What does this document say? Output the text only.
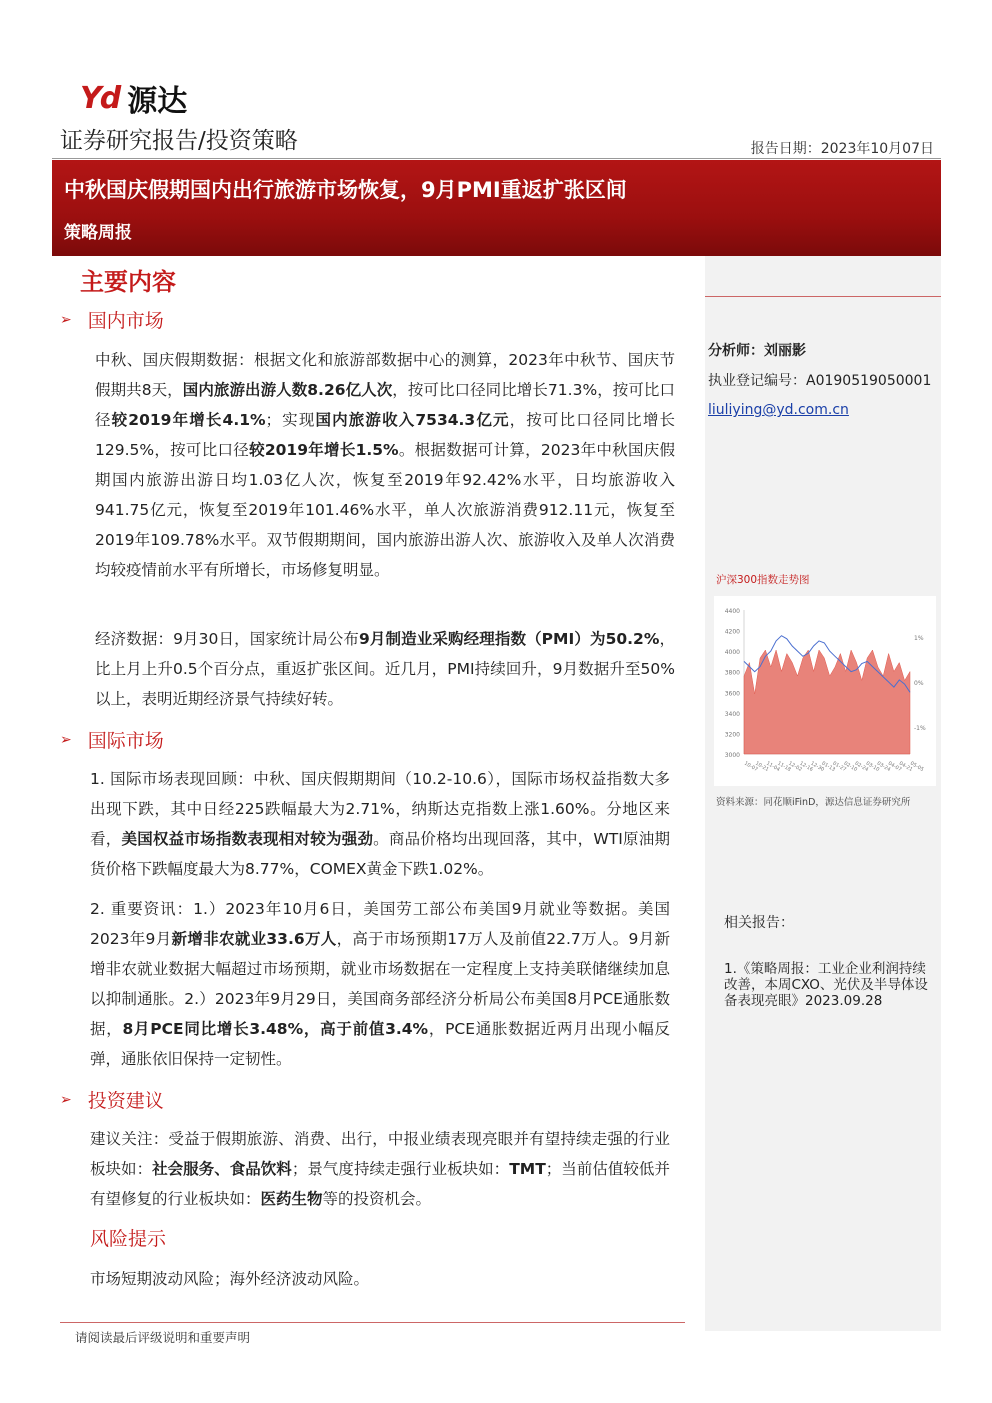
Yd 源达
证券研究报告/投资策略	报告日期：2023年10月07日
中秋国庆假期国内出行旅游市场恢复，9月PMI重返扩张区间
策略周报
分析师：刘丽影
执业登记编号：A0190519050001
liuliying@yd.com.cn
沪深300指数走势图
4400
4200
4000
3800
3600
3400
3200
3000
1%
0%
-1%
10-07
10-21
11-04
11-18
12-02
12-16
12-30
01-13
01-27
02-10
02-24
03-10
03-24
04-07
04-21
05-05
资料来源：同花顺iFinD，源达信息证券研究所
相关报告：
1.《策略周报：工业企业利润持续改善，本周CXO、光伏及半导体设备表现亮眼》2023.09.28
主要内容
➢ 国内市场
中秋、国庆假期数据：根据文化和旅游部数据中心的测算，2023年中秋节、国庆节假期共8天，国内旅游出游人数8.26亿人次，按可比口径同比增长71.3%，按可比口径较2019年增长4.1%；实现国内旅游收入7534.3亿元，按可比口径同比增长129.5%，按可比口径较2019年增长1.5%。根据数据可计算，2023年中秋国庆假期国内旅游出游日均1.03亿人次，恢复至2019年92.42%水平，日均旅游收入941.75亿元，恢复至2019年101.46%水平，单人次旅游消费912.11元，恢复至2019年109.78%水平。双节假期期间，国内旅游出游人次、旅游收入及单人次消费均较疫情前水平有所增长，市场修复明显。
经济数据：9月30日，国家统计局公布9月制造业采购经理指数（PMI）为50.2%，比上月上升0.5个百分点，重返扩张区间。近几月，PMI持续回升，9月数据升至50%以上，表明近期经济景气持续好转。
➢ 国际市场
1. 国际市场表现回顾：中秋、国庆假期期间（10.2-10.6），国际市场权益指数大多出现下跌，其中日经225跌幅最大为2.71%，纳斯达克指数上涨1.60%。分地区来看，美国权益市场指数表现相对较为强劲。商品价格均出现回落，其中，WTI原油期货价格下跌幅度最大为8.77%，COMEX黄金下跌1.02%。
2. 重要资讯：1.）2023年10月6日，美国劳工部公布美国9月就业等数据。美国2023年9月新增非农就业33.6万人，高于市场预期17万人及前值22.7万人。9月新增非农就业数据大幅超过市场预期，就业市场数据在一定程度上支持美联储继续加息以抑制通胀。2.）2023年9月29日，美国商务部经济分析局公布美国8月PCE通胀数据，8月PCE同比增长3.48%，高于前值3.4%，PCE通胀数据近两月出现小幅反弹，通胀依旧保持一定韧性。
➢ 投资建议
建议关注：受益于假期旅游、消费、出行，中报业绩表现亮眼并有望持续走强的行业板块如：社会服务、食品饮料；景气度持续走强行业板块如：TMT；当前估值较低并有望修复的行业板块如：医药生物等的投资机会。
风险提示
市场短期波动风险；海外经济波动风险。
请阅读最后评级说明和重要声明
